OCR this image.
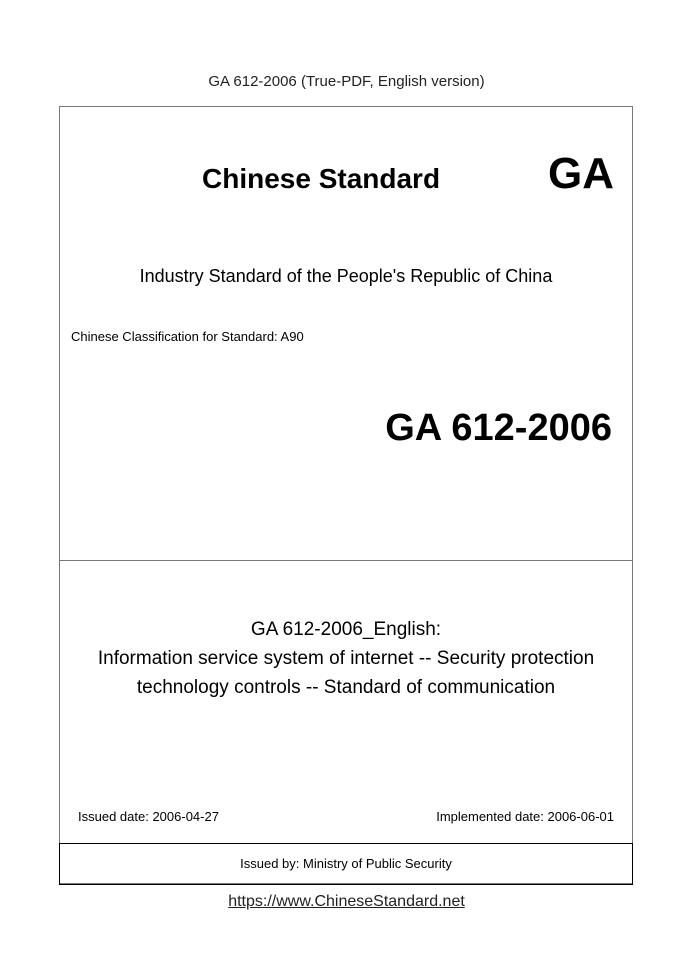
GA 612-2006 (True-PDF, English version)
Chinese Standard GA
Industry Standard of the People's Republic of China
Chinese Classification for Standard: A90
GA 612-2006
GA 612-2006_English:
Information service system of internet -- Security protection
technology controls -- Standard of communication
Issued date: 2006-04-27	Implemented date: 2006-06-01
Issued by: Ministry of Public Security
https://www.ChineseStandard.net
